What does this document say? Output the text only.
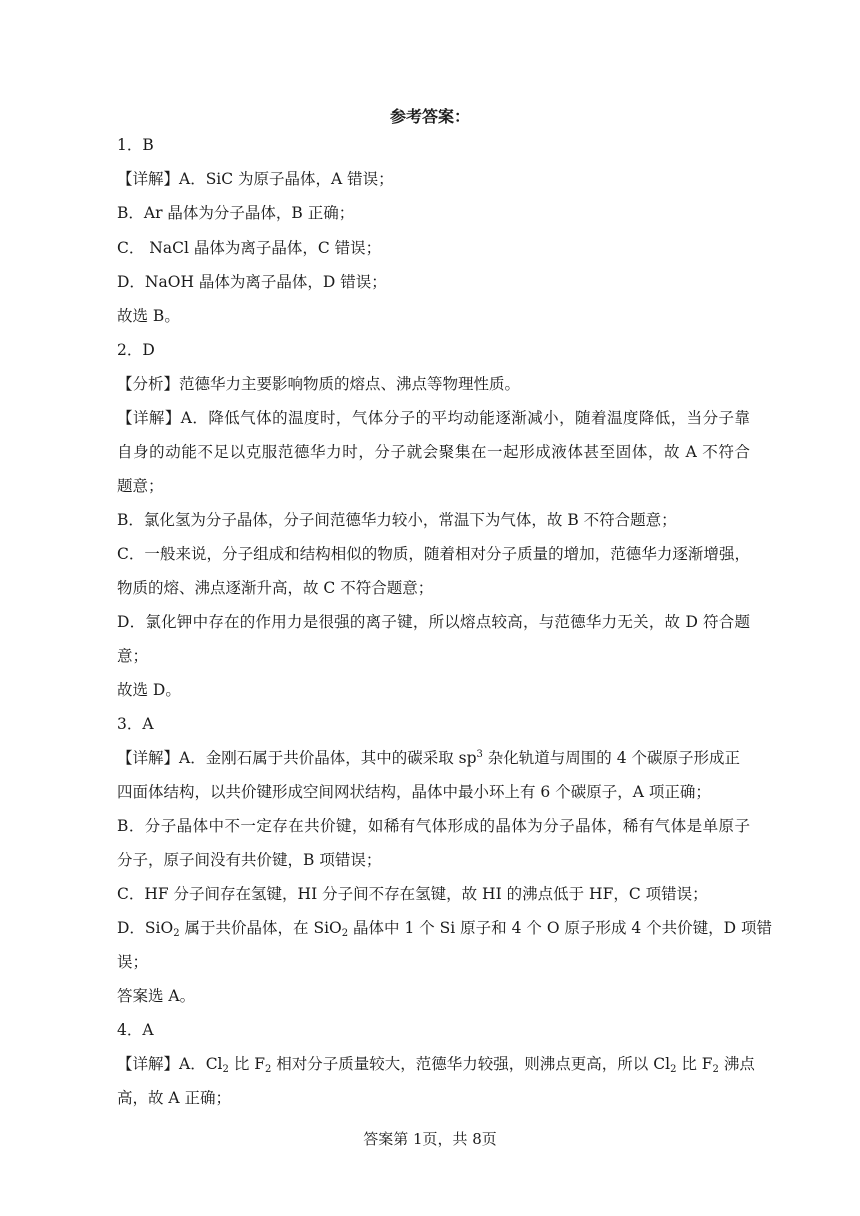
参考答案：
1．B
【详解】A．SiC 为原子晶体，A 错误；
B．Ar 晶体为分子晶体，B 正确；
C． NaCl 晶体为离子晶体，C 错误；
D．NaOH 晶体为离子晶体，D 错误；
故选 B。
2．D
【分析】范德华力主要影响物质的熔点、沸点等物理性质。
【详解】A．降低气体的温度时，气体分子的平均动能逐渐减小，随着温度降低，当分子靠
自身的动能不足以克服范德华力时，分子就会聚集在一起形成液体甚至固体，故 A 不符合
题意；
B．氯化氢为分子晶体，分子间范德华力较小，常温下为气体，故 B 不符合题意；
C．一般来说，分子组成和结构相似的物质，随着相对分子质量的增加，范德华力逐渐增强，
物质的熔、沸点逐渐升高，故 C 不符合题意；
D．氯化钾中存在的作用力是很强的离子键，所以熔点较高，与范德华力无关，故 D 符合题
意；
故选 D。
3．A
【详解】A．金刚石属于共价晶体，其中的碳采取 $sp^3$ 杂化轨道与周围的 4 个碳原子形成正
四面体结构，以共价键形成空间网状结构，晶体中最小环上有 6 个碳原子，A 项正确；
B．分子晶体中不一定存在共价键，如稀有气体形成的晶体为分子晶体，稀有气体是单原子
分子，原子间没有共价键，B 项错误；
C．HF 分子间存在氢键，HI 分子间不存在氢键，故 HI 的沸点低于 HF，C 项错误；
D．SiO$_2$ 属于共价晶体，在 SiO$_2$ 晶体中 1 个 Si 原子和 4 个 O 原子形成 4 个共价键，D 项错
误；
答案选 A。
4．A
【详解】A．$Cl_2$ 比 $F_2$ 相对分子质量较大，范德华力较强，则沸点更高，所以 $Cl_2$ 比 $F_2$ 沸点
高，故 A 正确；
答案第 1页，共 8页
